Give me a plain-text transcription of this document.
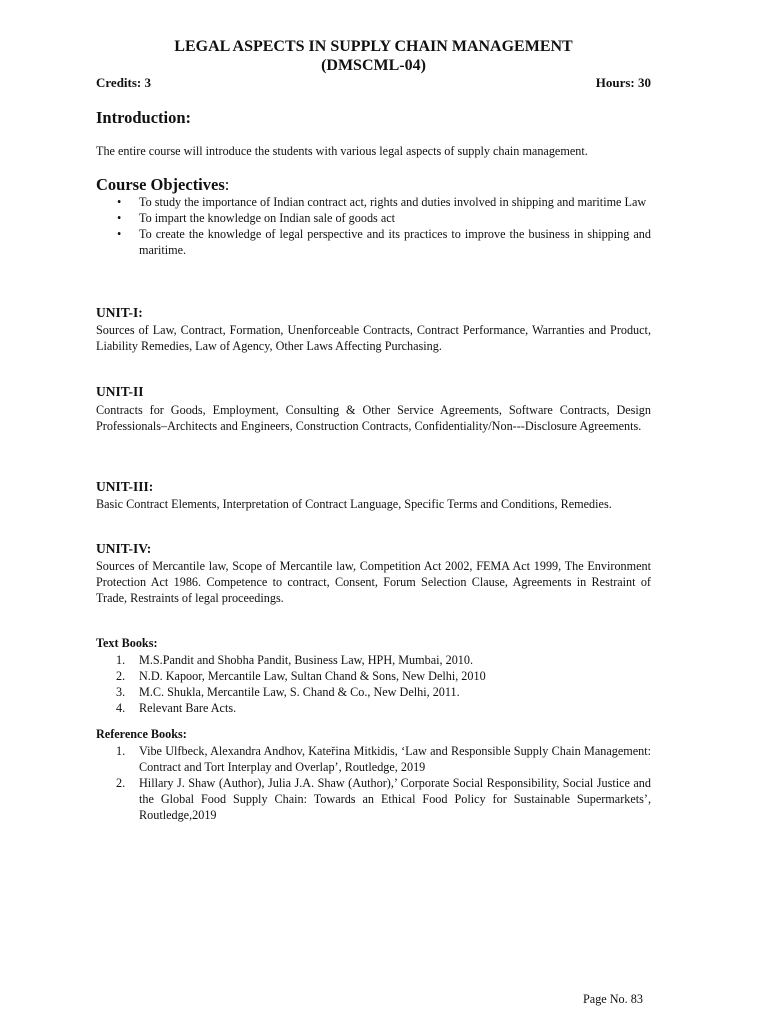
LEGAL ASPECTS IN SUPPLY CHAIN MANAGEMENT
(DMSCML-04)
Credits: 3	Hours: 30
Introduction:
The entire course will introduce the students with various legal aspects of supply chain management.
Course Objectives:
• To study the importance of Indian contract act, rights and duties involved in shipping and maritime Law
• To impart the knowledge on Indian sale of goods act
• To create the knowledge of legal perspective and its practices to improve the business in shipping and maritime.
UNIT-I:
Sources of Law, Contract, Formation, Unenforceable Contracts, Contract Performance, Warranties and Product, Liability Remedies, Law of Agency, Other Laws Affecting Purchasing.
UNIT-II
Contracts for Goods, Employment, Consulting & Other Service Agreements, Software Contracts, Design Professionals–Architects and Engineers, Construction Contracts, Confidentiality/Non---Disclosure Agreements.
UNIT-III:
Basic Contract Elements, Interpretation of Contract Language, Specific Terms and Conditions, Remedies.
UNIT-IV:
Sources of Mercantile law, Scope of Mercantile law, Competition Act 2002, FEMA Act 1999, The Environment Protection Act 1986. Competence to contract, Consent, Forum Selection Clause, Agreements in Restraint of Trade, Restraints of legal proceedings.
Text Books:
1. M.S.Pandit and Shobha Pandit, Business Law, HPH, Mumbai, 2010.
2. N.D. Kapoor, Mercantile Law, Sultan Chand & Sons, New Delhi, 2010
3. M.C. Shukla, Mercantile Law, S. Chand & Co., New Delhi, 2011.
4. Relevant Bare Acts.
Reference Books:
1. Vibe Ulfbeck, Alexandra Andhov, Kateřina Mitkidis, ‘Law and Responsible Supply Chain Management: Contract and Tort Interplay and Overlap’, Routledge, 2019
2. Hillary J. Shaw (Author), Julia J.A. Shaw (Author),’ Corporate Social Responsibility, Social Justice and the Global Food Supply Chain: Towards an Ethical Food Policy for Sustainable Supermarkets’, Routledge,2019
Page No. 83
